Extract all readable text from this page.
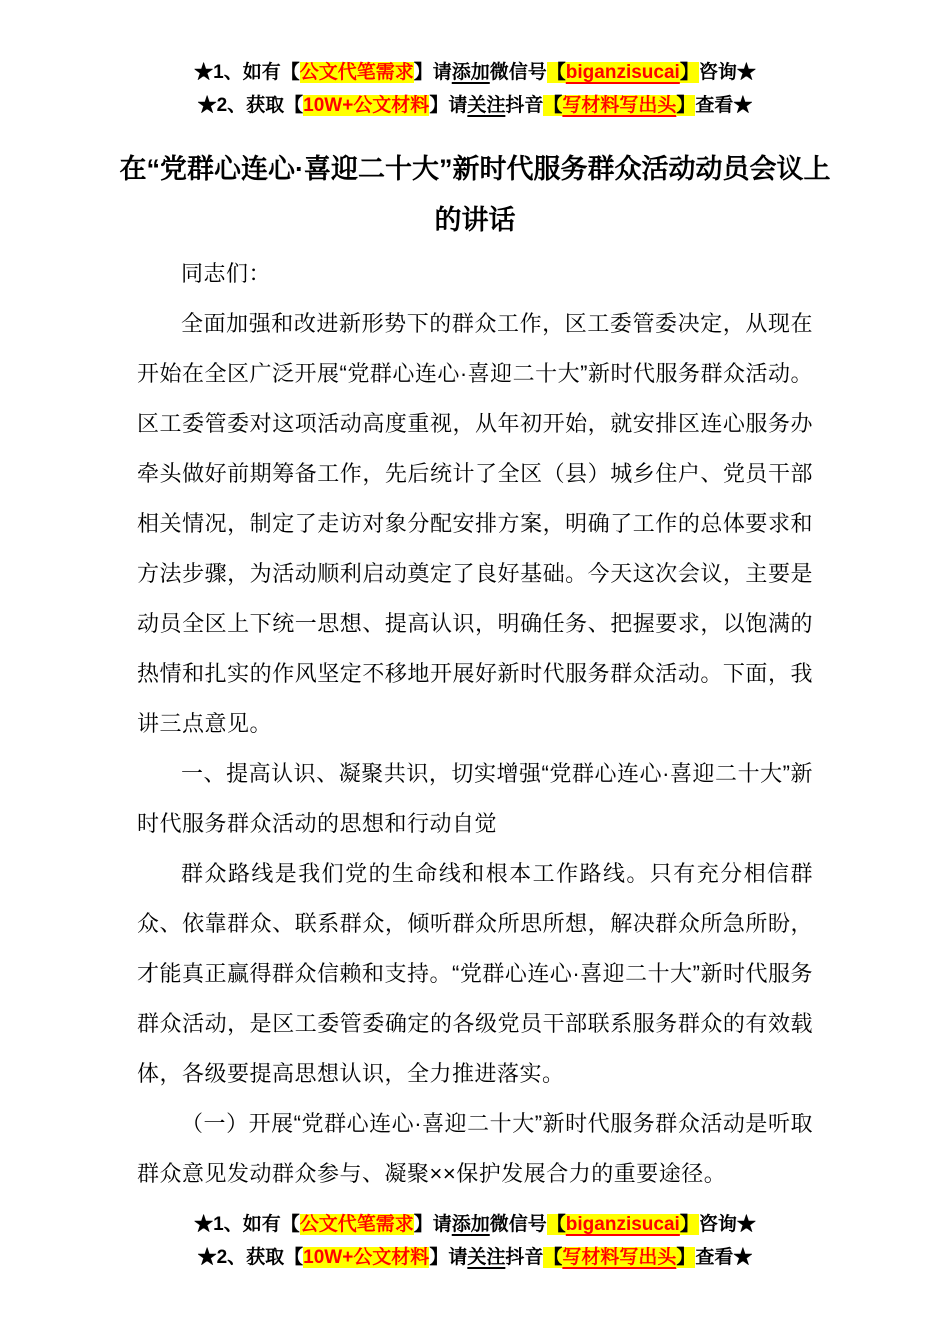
★1、如有【公文代笔需求】请添加微信号【biganzisucai】咨询★
★2、获取【10W+公文材料】请关注抖音【写材料写出头】查看★
在“党群心连心·喜迎二十大”新时代服务群众活动动员会议上的讲话

同志们：

全面加强和改进新形势下的群众工作，区工委管委决定，从现在开始在全区广泛开展“党群心连心·喜迎二十大”新时代服务群众活动。区工委管委对这项活动高度重视，从年初开始，就安排区连心服务办牵头做好前期筹备工作，先后统计了全区（县）城乡住户、党员干部相关情况，制定了走访对象分配安排方案，明确了工作的总体要求和方法步骤，为活动顺利启动奠定了良好基础。今天这次会议，主要是动员全区上下统一思想、提高认识，明确任务、把握要求，以饱满的热情和扎实的作风坚定不移地开展好新时代服务群众活动。下面，我讲三点意见。

一、提高认识、凝聚共识，切实增强“党群心连心·喜迎二十大”新时代服务群众活动的思想和行动自觉

群众路线是我们党的生命线和根本工作路线。只有充分相信群众、依靠群众、联系群众，倾听群众所思所想，解决群众所急所盼，才能真正赢得群众信赖和支持。“党群心连心·喜迎二十大”新时代服务群众活动，是区工委管委确定的各级党员干部联系服务群众的有效载体，各级要提高思想认识，全力推进落实。

（一）开展“党群心连心·喜迎二十大”新时代服务群众活动是听取群众意见发动群众参与、凝聚××保护发展合力的重要途径。

★1、如有【公文代笔需求】请添加微信号【biganzisucai】咨询★
★2、获取【10W+公文材料】请关注抖音【写材料写出头】查看★
